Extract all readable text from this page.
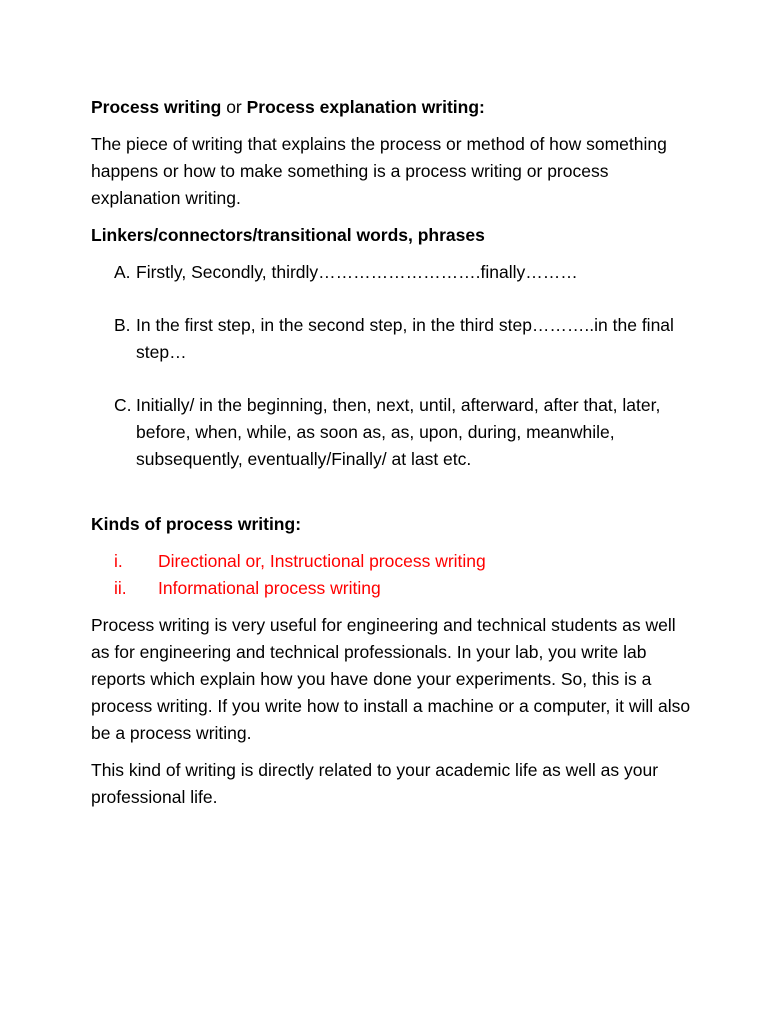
Process writing or Process explanation writing:

The piece of writing that explains the process or method of how something happens or how to make something is a process writing or process explanation writing.

Linkers/connectors/transitional words, phrases

A. Firstly, Secondly, thirdly……………………….finally………

B. In the first step, in the second step, in the third step………..in the final step…

C. Initially/ in the beginning, then, next, until, afterward, after that, later, before, when, while, as soon as, as, upon, during, meanwhile, subsequently, eventually/Finally/ at last etc.

Kinds of process writing:

i. Directional or, Instructional process writing

ii. Informational process writing

Process writing is very useful for engineering and technical students as well as for engineering and technical professionals. In your lab, you write lab reports which explain how you have done your experiments. So, this is a process writing. If you write how to install a machine or a computer, it will also be a process writing.

This kind of writing is directly related to your academic life as well as your professional life.
